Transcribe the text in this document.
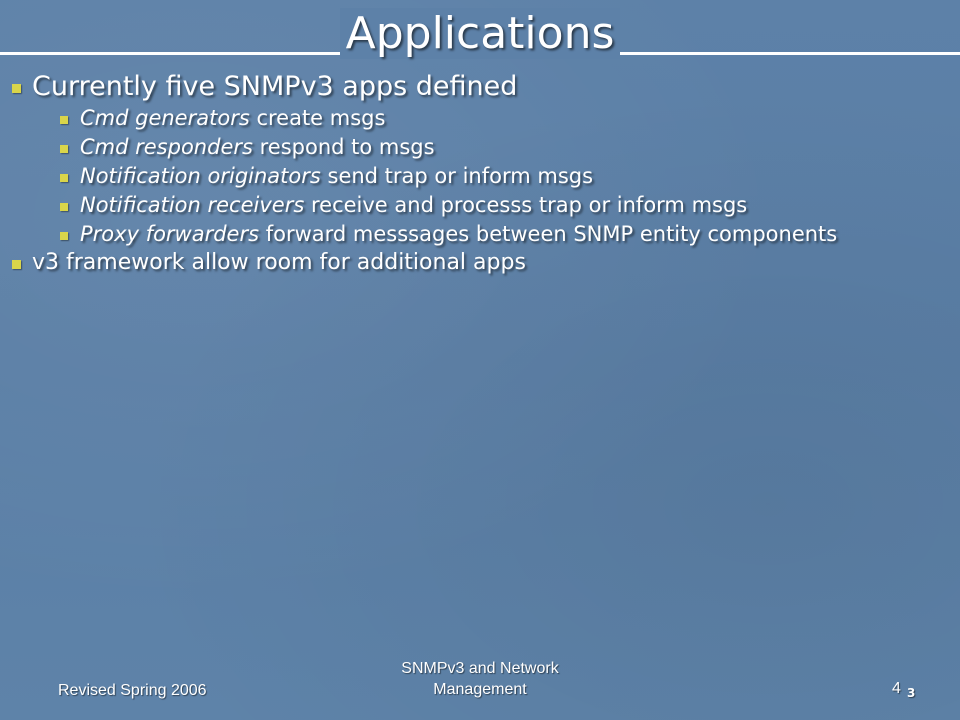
Applications
Currently five SNMPv3 apps defined
Cmd generators create msgs
Cmd responders respond to msgs
Notification originators send trap or inform msgs
Notification receivers receive and processs trap or inform msgs
Proxy forwarders forward messsages between SNMP entity components
v3 framework allow room for additional apps
Revised Spring 2006
SNMPv3 and Network
Management	4 3
